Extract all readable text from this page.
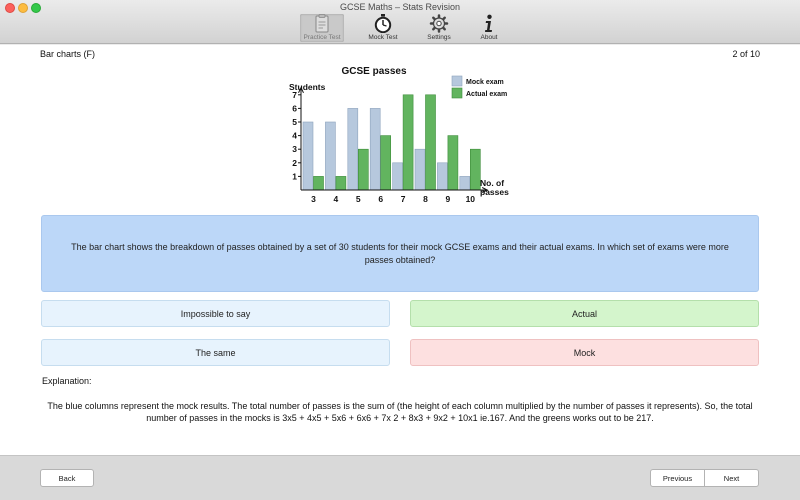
GCSE Maths – Stats Revision
Practice Test	Mock Test	Settings	About
Bar charts (F)	2 of 10
GCSE passes
Students	Mock exam
Actual exam
1
2
3
4
5
6
7
3 4 5 6 7 8 9 10
No. of
passes
The bar chart shows the breakdown of passes obtained by a set of 30 students for their mock GCSE exams and their actual exams. In which set of exams were more passes obtained?
Impossible to say	Actual
The same	Mock
Explanation:
The blue columns represent the mock results. The total number of passes is the sum of (the height of each column multiplied by the number of passes it represents). So, the total number of passes in the mocks is 3x5 + 4x5 + 5x6 + 6x6 + 7x 2 + 8x3 + 9x2 + 10x1 ie.167. And the greens works out to be 217.
Back	Previous	Next
